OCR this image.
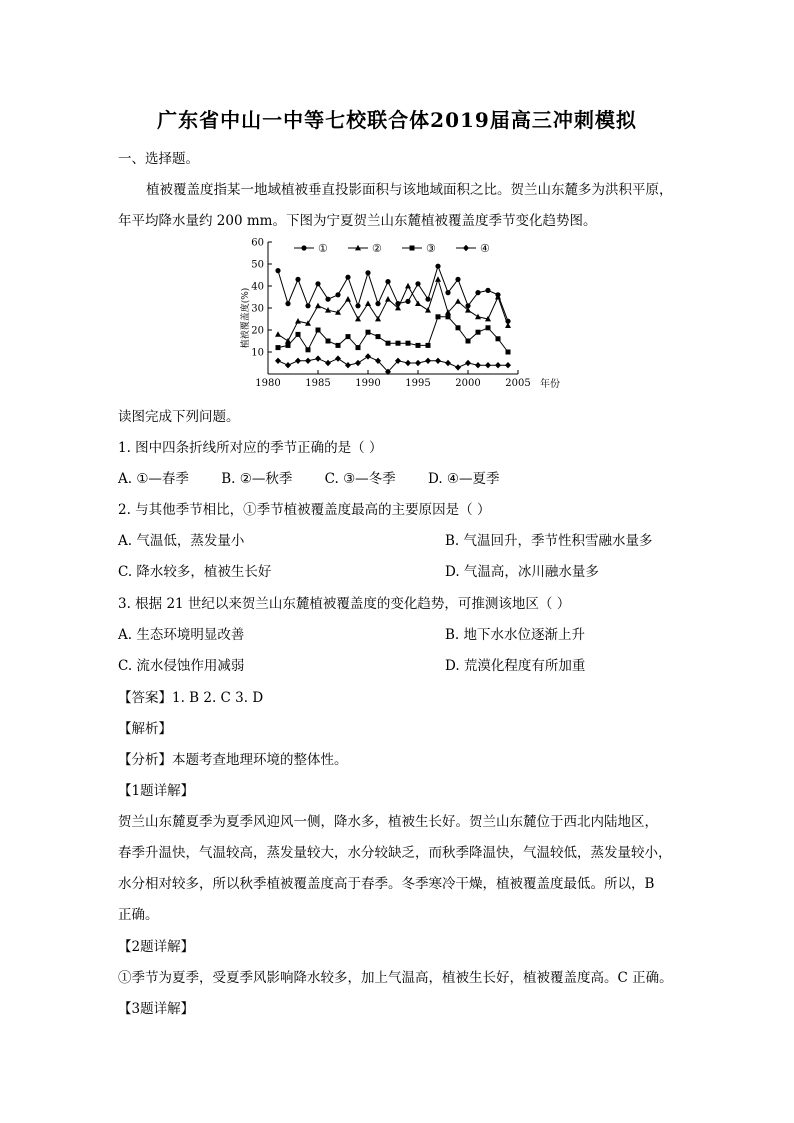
广东省中山一中等七校联合体2019届高三冲刺模拟
一、选择题。
植被覆盖度指某一地域植被垂直投影面积与该地域面积之比。贺兰山东麓多为洪积平原，
年平均降水量约 200 mm。下图为宁夏贺兰山东麓植被覆盖度季节变化趋势图。
1980 1985 1990 1995 2000 2005
10
20
30
40
50
60	①	②	③	④
植被覆盖度(%)
年份
读图完成下列问题。
1. 图中四条折线所对应的季节正确的是（ ）
A. ①—春季 B. ②—秋季 C. ③—冬季 D. ④—夏季
2. 与其他季节相比，①季节植被覆盖度最高的主要原因是（ ）
A. 气温低，蒸发量小	B. 气温回升，季节性积雪融水量多
C. 降水较多，植被生长好	D. 气温高，冰川融水量多
3. 根据 21 世纪以来贺兰山东麓植被覆盖度的变化趋势，可推测该地区（ ）
A. 生态环境明显改善	B. 地下水水位逐渐上升
C. 流水侵蚀作用减弱	D. 荒漠化程度有所加重
【答案】1. B 2. C 3. D
【解析】
【分析】本题考查地理环境的整体性。
【1题详解】
贺兰山东麓夏季为夏季风迎风一侧，降水多，植被生长好。贺兰山东麓位于西北内陆地区，
春季升温快，气温较高，蒸发量较大，水分较缺乏，而秋季降温快，气温较低，蒸发量较小，
水分相对较多，所以秋季植被覆盖度高于春季。冬季寒冷干燥，植被覆盖度最低。所以，B
正确。
【2题详解】
①季节为夏季，受夏季风影响降水较多，加上气温高，植被生长好，植被覆盖度高。C 正确。
【3题详解】
